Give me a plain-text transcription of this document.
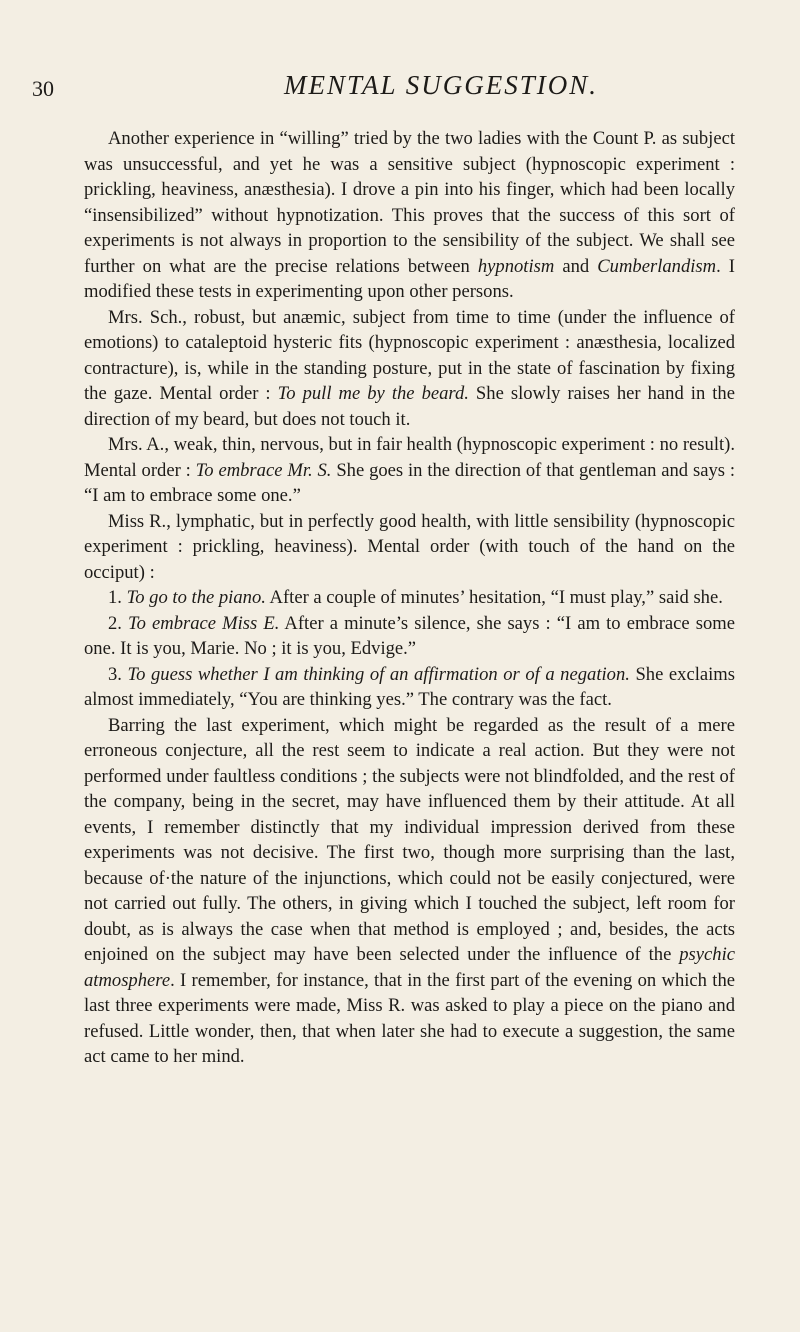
30	MENTAL SUGGESTION.

Another experience in “willing” tried by the two ladies with the Count P. as subject was unsuccessful, and yet he was a sensitive subject (hypnoscopic experiment : prickling, heaviness, anæsthesia). I drove a pin into his finger, which had been locally “insensibilized” without hypnotization. This proves that the success of this sort of experiments is not always in proportion to the sensibility of the subject. We shall see further on what are the precise relations between hypnotism and Cumberlandism. I modified these tests in experimenting upon other persons.

Mrs. Sch., robust, but anæmic, subject from time to time (under the influence of emotions) to cataleptoid hysteric fits (hypnoscopic experiment : anæsthesia, localized contracture), is, while in the standing posture, put in the state of fascination by fixing the gaze. Mental order : To pull me by the beard. She slowly raises her hand in the direction of my beard, but does not touch it.

Mrs. A., weak, thin, nervous, but in fair health (hypnoscopic experiment : no result). Mental order : To embrace Mr. S. She goes in the direction of that gentleman and says : “I am to embrace some one.”

Miss R., lymphatic, but in perfectly good health, with little sensibility (hypnoscopic experiment : prickling, heaviness). Mental order (with touch of the hand on the occiput) :

1. To go to the piano. After a couple of minutes’ hesitation, “I must play,” said she.

2. To embrace Miss E. After a minute’s silence, she says : “I am to embrace some one. It is you, Marie. No ; it is you, Edvige.”

3. To guess whether I am thinking of an affirmation or of a negation. She exclaims almost immediately, “You are thinking yes.” The contrary was the fact.

Barring the last experiment, which might be regarded as the result of a mere erroneous conjecture, all the rest seem to indicate a real action. But they were not performed under faultless conditions ; the subjects were not blindfolded, and the rest of the company, being in the secret, may have influenced them by their attitude. At all events, I remember distinctly that my individual impression derived from these experiments was not decisive. The first two, though more surprising than the last, because of·the nature of the injunctions, which could not be easily conjectured, were not carried out fully. The others, in giving which I touched the subject, left room for doubt, as is always the case when that method is employed ; and, besides, the acts enjoined on the subject may have been selected under the influence of the psychic atmosphere. I remember, for instance, that in the first part of the evening on which the last three experiments were made, Miss R. was asked to play a piece on the piano and refused. Little wonder, then, that when later she had to execute a suggestion, the same act came to her mind.
